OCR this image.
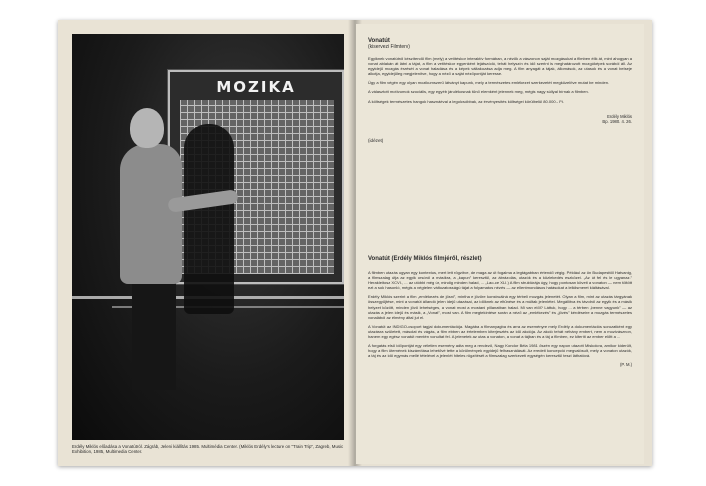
MOZIKA
Erdély Miklós előadása a Vonatútról. Zágráb, Jeleni kiállítás 1985. Multimédia Center. (Miklós Erdély's lecture on "Train Trip", Zagreb, Music Exhibition, 1985, Multimedia Center.
Vonatút
(kiservezi Filmterv)

Egyiknek vonatútról készítendő film (mely) a vetítéskor interaktív formában, a nézők a vászonon saját mozgásukat a filmben élik át, mint ahogyan a vonat ablakán át látni a tájat, a film a vetítéskor egyenként lejátszódó, tehát helyszín és idő szerint is meghatározott mozgóképek sorából áll. Az egyidejű mozgás érzését a vonat haladása és a képek váltakozása adja meg. A film anyagát a tájak, állomások, az utasok és a vonat belseje alkotja, egyidejűleg megjelenítve, hogy a néző a saját nézőpontját keresse.

Úgy a film végén egy olyan mozikumszerű látványt kapunk, mely a természetes emlékezet szerkezetét megközelítve mutat be minden.

A választott motívumok szociális, egy egyéb járulékosnak tűnő elemként jelennek meg, mégis nagy súllyal bírnak a filmben.

A költségek természetes hangok hasznáéval a legolcsóbbak, az érvényesítés költségei körülbelül 80.000.- Ft.

Erdély Miklós
Bp. 1980. 4. 26.
(idézet)
Vonatút (Erdély Miklós filmjéről, részlet)

A filmben utazás ugyan egy kontextus, mert lett rögzítve, de maga az út fogalma a legtágabban értendő végig. Például az ön Budapesttől Hatvanig, a filmszalag útja az egyik orsóról a másikra, a „kapun” keresztül, az ábrázolás, utazók és a közlekedés eszközei. „Az út fel és le ugyanaz.” Herakleitosz XCVI., ... az utóbbi még úr, mindig minden halad, ... „Lao-ce XLI.) A film struktúrája úgy, hogy pontosan követi a vonaton — nem töltött ezt a sok hasonló, mégis a végtelen változatosságú tájat a folyamatos nézés — az ellentmondásos hatásokat a lelkiismeret kiáltásával.

Erdély Miklós szerint a film „emlékezés de jösni”, mintha e jövőre konstruálná egy térbeli mozgás jelenetét. Olyan a film, mint az utazás tárgyának összegyűjtése, mint a vonatút állandó jelen idejű utazásai, az időknek az eltűnése és a múltak jelenlétei. Megállítva és távolról az egyik és a másik helyzet között, minden jövő lehetséges, a vonat most a mostani pillanatban halad. Mi van elől? Láttuk, hogy ... a térben „benne vagyunk” — az utazás a jelen idejű és másik, a „Vonat”, most van. A film megtekintése során a néző az „emlékezés” és „jövés” kérdéseire a mozgás természetes vonalából az élmény által jut el.

A Vonatút az INDIGO-csoport tagjai dokumentációja. Magába a filmanyagba és arra az eseményre mely Erdély a dokumentációs sorozatként egy utazásra született, másolat és vágás, a film ebben az értelemben kiterjesztés az idő akciója. Az akció tehát néhány embert, nem a mozivásznon, hanem egy egész vonatút mentén vonultat fel. A jelenetek az utas a vonaton, a vonat a tájban és a táj a filmben, ez kiteríti az ember előtt a ...

A forgatás első időpontját egy véletlen esemény adta meg a rendező, Nagy Kondor Béla 1981 őszén egy napon utazott Miskolcra, amikor kiderült, hogy a film ütemének kiszámítása lehetővé tette a körülmények egyidejű felhasználását. Az eredeti koncepció megvalósult, mely a vonaton utazók, a táj és az idő egymás mellé tételével a jelenlét hiteles rögzítését a filmszalag szerkezeti egységén keresztül teszi láthatóvá.

(P. M.)
